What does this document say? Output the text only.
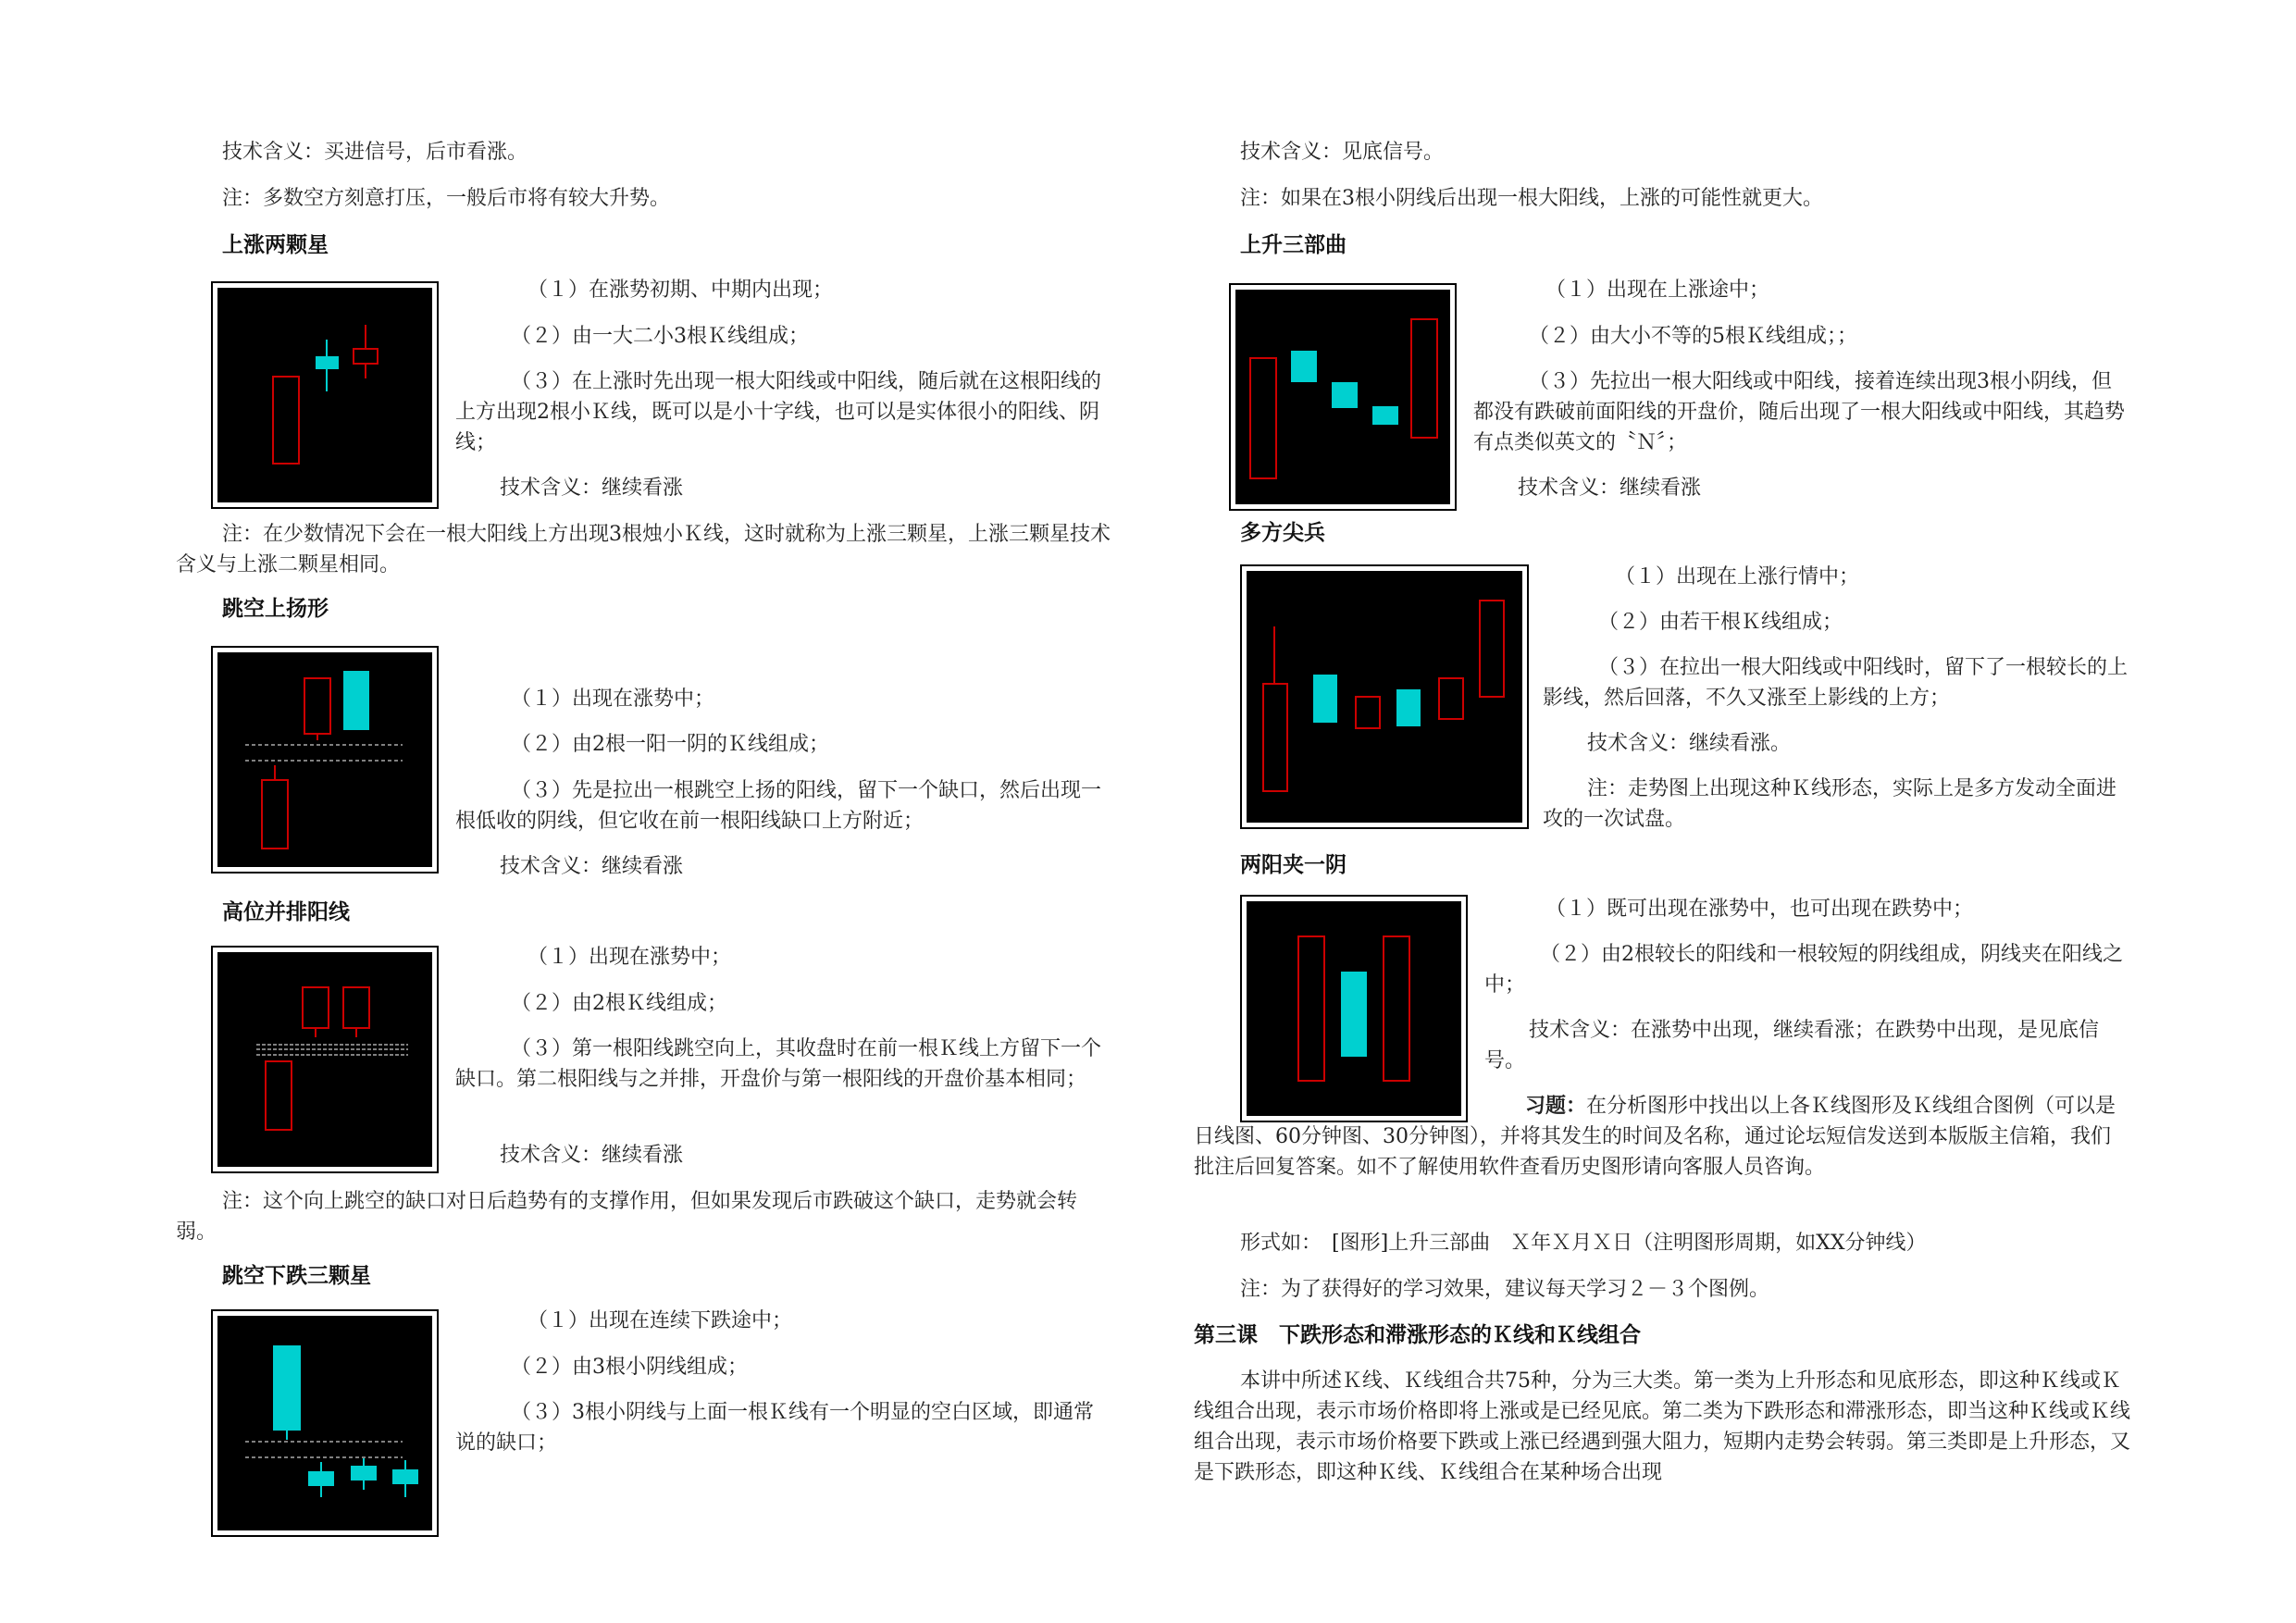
技术含义：买进信号，后市看涨。
注：多数空方刻意打压，一般后市将有较大升势。
上涨两颗星
（１）在涨势初期、中期内出现；
（２）由一大二小3根Ｋ线组成；
（３）在上涨时先出现一根大阳线或中阳线，随后就在这根阳线的上方出现2根小Ｋ线，既可以是小十字线，也可以是实体很小的阳线、阴线；
技术含义：继续看涨
注：在少数情况下会在一根大阳线上方出现3根烛小Ｋ线，这时就称为上涨三颗星，上涨三颗星技术含义与上涨二颗星相同。
跳空上扬形
（１）出现在涨势中；
（２）由2根一阳一阴的Ｋ线组成；
（３）先是拉出一根跳空上扬的阳线，留下一个缺口，然后出现一根低收的阴线，但它收在前一根阳线缺口上方附近；
技术含义：继续看涨
高位并排阳线
（１）出现在涨势中；
（２）由2根Ｋ线组成；
（３）第一根阳线跳空向上，其收盘时在前一根Ｋ线上方留下一个缺口。第二根阳线与之并排，开盘价与第一根阳线的开盘价基本相同；
技术含义：继续看涨
注：这个向上跳空的缺口对日后趋势有的支撑作用，但如果发现后市跌破这个缺口，走势就会转弱。
跳空下跌三颗星
（１）出现在连续下跌途中；
（２）由3根小阴线组成；
（３）3根小阴线与上面一根Ｋ线有一个明显的空白区域，即通常说的缺口；
技术含义：见底信号。
注：如果在3根小阴线后出现一根大阳线，上涨的可能性就更大。
上升三部曲
（１）出现在上涨途中；
（２）由大小不等的5根Ｋ线组成；；
（３）先拉出一根大阳线或中阳线，接着连续出现3根小阴线，但都没有跌破前面阳线的开盘价，随后出现了一根大阳线或中阳线，其趋势有点类似英文的〝Ｎ〞；
技术含义：继续看涨
多方尖兵
（１）出现在上涨行情中；
（２）由若干根Ｋ线组成；
（３）在拉出一根大阳线或中阳线时，留下了一根较长的上影线，然后回落，不久又涨至上影线的上方；
技术含义：继续看涨。
注：走势图上出现这种Ｋ线形态，实际上是多方发动全面进攻的一次试盘。
两阳夹一阴
（１）既可出现在涨势中，也可出现在跌势中；
（２）由2根较长的阳线和一根较短的阴线组成，阴线夹在阳线之中；
技术含义：在涨势中出现，继续看涨；在跌势中出现，是见底信号。
习题：在分析图形中找出以上各Ｋ线图形及Ｋ线组合图例（可以是日线图、60分钟图、30分钟图），并将其发生的时间及名称，通过论坛短信发送到本版版主信箱，我们批注后回复答案。如不了解使用软件查看历史图形请向客服人员咨询。
形式如：　[图形]上升三部曲　Ｘ年Ｘ月Ｘ日（注明图形周期，如XX分钟线）
注：为了获得好的学习效果，建议每天学习２－３个图例。
第三课　下跌形态和滞涨形态的Ｋ线和Ｋ线组合
本讲中所述Ｋ线、Ｋ线组合共75种，分为三大类。第一类为上升形态和见底形态，即这种Ｋ线或Ｋ线组合出现，表示市场价格即将上涨或是已经见底。第二类为下跌形态和滞涨形态，即当这种Ｋ线或Ｋ线组合出现，表示市场价格要下跌或上涨已经遇到强大阻力，短期内走势会转弱。第三类即是上升形态，又是下跌形态，即这种Ｋ线、Ｋ线组合在某种场合出现
